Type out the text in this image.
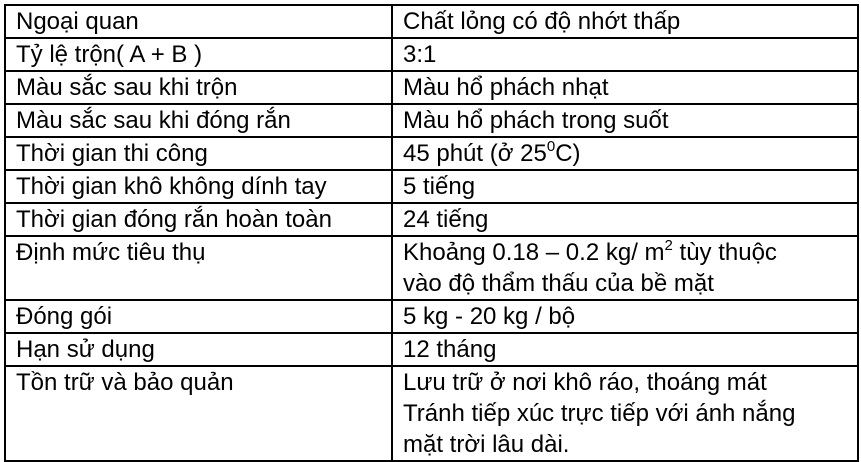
Ngoại quan	Chất lỏng có độ nhớt thấp
Tỷ lệ trộn( A + B )	3:1
Màu sắc sau khi trộn	Màu hổ phách nhạt
Màu sắc sau khi đóng rắn	Màu hổ phách trong suốt
Thời gian thi công	45 phút (ở $25^0C$)
Thời gian khô không dính tay	5 tiếng
Thời gian đóng rắn hoàn toàn	24 tiếng
Định mức tiêu thụ	Khoảng 0.18 – 0.2 kg/ $m^2$ tùy thuộc
vào độ thẩm thấu của bề mặt

Đóng gói	5 kg - 20 kg / bộ
Hạn sử dụng	12 tháng
Tồn trữ và bảo quản	Lưu trữ ở nơi khô ráo, thoáng mát
Tránh tiếp xúc trực tiếp với ánh nắng
mặt trời lâu dài.
